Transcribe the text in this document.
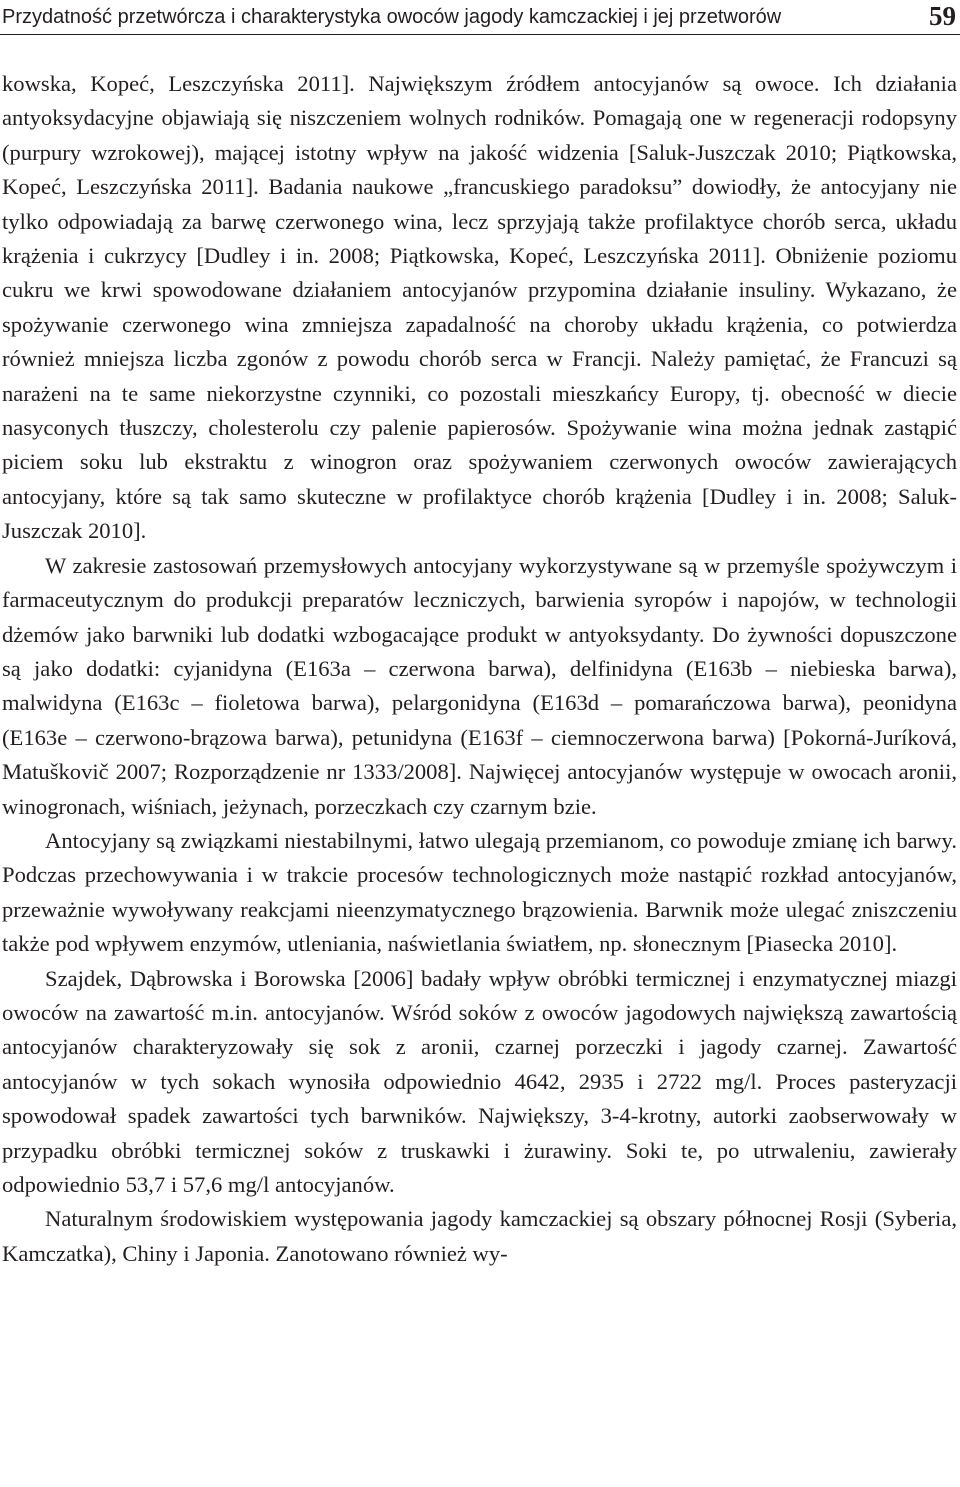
Przydatność przetwórcza i charakterystyka owoców jagody kamczackiej i jej przetworów	59

kowska, Kopeć, Leszczyńska 2011]. Największym źródłem antocyjanów są owoce. Ich działania antyoksydacyjne objawiają się niszczeniem wolnych rodników. Pomagają one w regeneracji rodopsyny (purpury wzrokowej), mającej istotny wpływ na jakość widzenia [Saluk-Juszczak 2010; Piątkowska, Kopeć, Leszczyńska 2011]. Badania naukowe „francuskiego paradoksu” dowiodły, że antocyjany nie tylko odpowiadają za barwę czerwonego wina, lecz sprzyjają także profilaktyce chorób serca, układu krążenia i cukrzycy [Dudley i in. 2008; Piątkowska, Kopeć, Leszczyńska 2011]. Obniżenie poziomu cukru we krwi spowodowane działaniem antocyjanów przypomina działanie insuliny. Wykazano, że spożywanie czerwonego wina zmniejsza zapadalność na choroby układu krążenia, co potwierdza również mniejsza liczba zgonów z powodu chorób serca w Francji. Należy pamiętać, że Francuzi są narażeni na te same niekorzystne czynniki, co pozostali mieszkańcy Europy, tj. obecność w diecie nasyconych tłuszczy, cholesterolu czy palenie papierosów. Spożywanie wina można jednak zastąpić piciem soku lub ekstraktu z winogron oraz spożywaniem czerwonych owoców zawierających antocyjany, które są tak samo skuteczne w profilaktyce chorób krążenia [Dudley i in. 2008; Saluk-Juszczak 2010].

W zakresie zastosowań przemysłowych antocyjany wykorzystywane są w przemyśle spożywczym i farmaceutycznym do produkcji preparatów leczniczych, barwienia syropów i napojów, w technologii dżemów jako barwniki lub dodatki wzbogacające produkt w antyoksydanty. Do żywności dopuszczone są jako dodatki: cyjanidyna (E163a – czerwona barwa), delfinidyna (E163b – niebieska barwa), malwidyna (E163c – fioletowa barwa), pelargonidyna (E163d – pomarańczowa barwa), peonidyna (E163e – czerwono-brązowa barwa), petunidyna (E163f – ciemnoczerwona barwa) [Pokorná-Juríková, Matuškovič 2007; Rozporządzenie nr 1333/2008]. Najwięcej antocyjanów występuje w owocach aronii, winogronach, wiśniach, jeżynach, porzeczkach czy czarnym bzie.

Antocyjany są związkami niestabilnymi, łatwo ulegają przemianom, co powoduje zmianę ich barwy. Podczas przechowywania i w trakcie procesów technologicznych może nastąpić rozkład antocyjanów, przeważnie wywoływany reakcjami nieenzymatycznego brązowienia. Barwnik może ulegać zniszczeniu także pod wpływem enzymów, utleniania, naświetlania światłem, np. słonecznym [Piasecka 2010].

Szajdek, Dąbrowska i Borowska [2006] badały wpływ obróbki termicznej i enzymatycznej miazgi owoców na zawartość m.in. antocyjanów. Wśród soków z owoców jagodowych największą zawartością antocyjanów charakteryzowały się sok z aronii, czarnej porzeczki i jagody czarnej. Zawartość antocyjanów w tych sokach wynosiła odpowiednio 4642, 2935 i 2722 mg/l. Proces pasteryzacji spowodował spadek zawartości tych barwników. Największy, 3-4-krotny, autorki zaobserwowały w przypadku obróbki termicznej soków z truskawki i żurawiny. Soki te, po utrwaleniu, zawierały odpowiednio 53,7 i 57,6 mg/l antocyjanów.

Naturalnym środowiskiem występowania jagody kamczackiej są obszary północnej Rosji (Syberia, Kamczatka), Chiny i Japonia. Zanotowano również wy-
